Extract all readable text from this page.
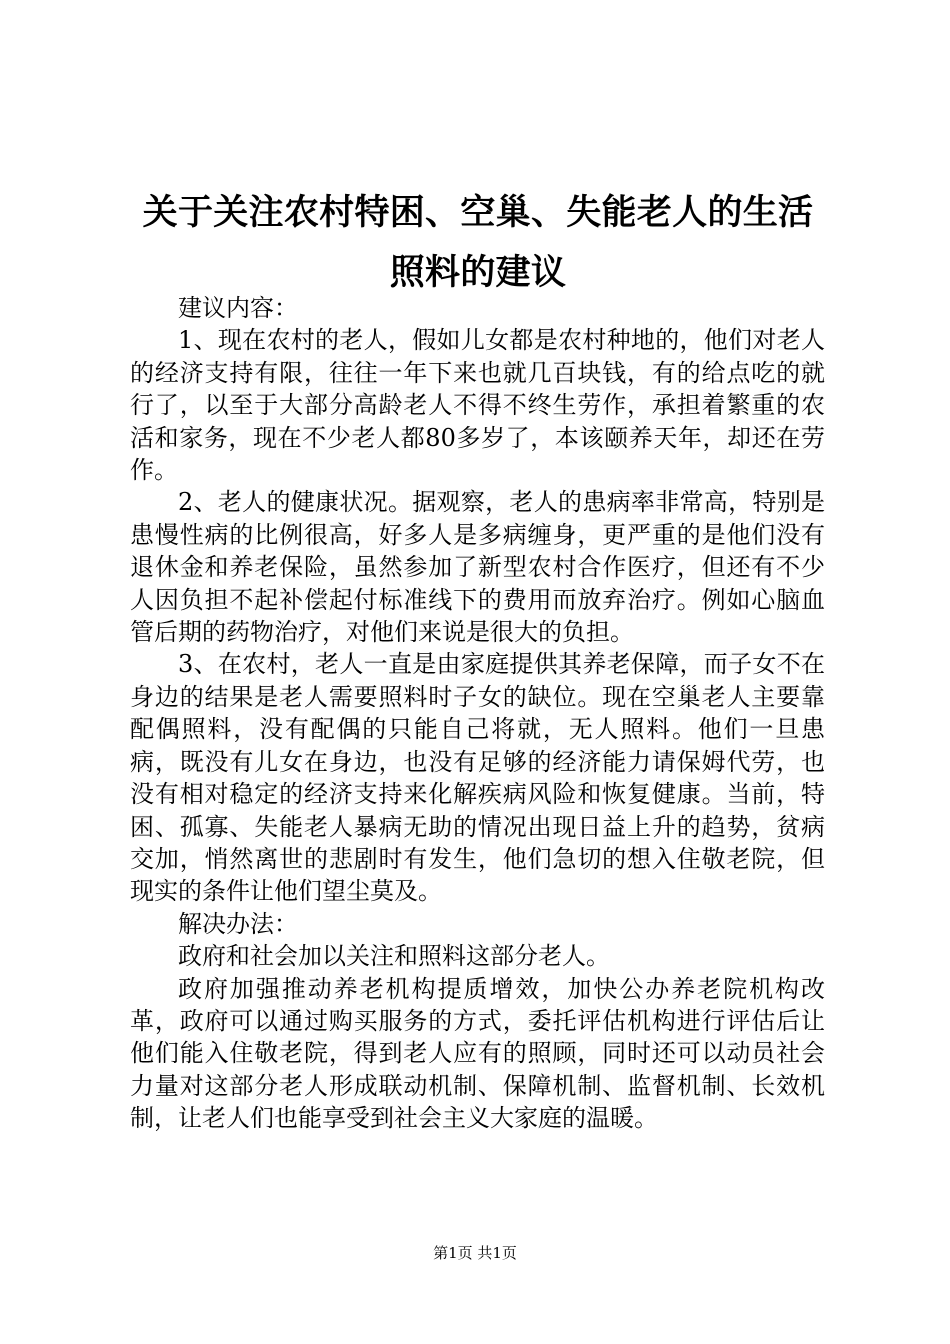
关于关注农村特困、空巢、失能老人的生活照料的建议

建议内容：

1、现在农村的老人，假如儿女都是农村种地的，他们对老人的经济支持有限，往往一年下来也就几百块钱，有的给点吃的就行了，以至于大部分高龄老人不得不终生劳作，承担着繁重的农活和家务，现在不少老人都80多岁了，本该颐养天年，却还在劳作。

2、老人的健康状况。据观察，老人的患病率非常高，特别是患慢性病的比例很高，好多人是多病缠身，更严重的是他们没有退休金和养老保险，虽然参加了新型农村合作医疗，但还有不少人因负担不起补偿起付标准线下的费用而放弃治疗。例如心脑血管后期的药物治疗，对他们来说是很大的负担。

3、在农村，老人一直是由家庭提供其养老保障，而子女不在身边的结果是老人需要照料时子女的缺位。现在空巢老人主要靠配偶照料，没有配偶的只能自己将就，无人照料。他们一旦患病，既没有儿女在身边，也没有足够的经济能力请保姆代劳，也没有相对稳定的经济支持来化解疾病风险和恢复健康。当前，特困、孤寡、失能老人暴病无助的情况出现日益上升的趋势，贫病交加，悄然离世的悲剧时有发生，他们急切的想入住敬老院，但现实的条件让他们望尘莫及。

解决办法：

政府和社会加以关注和照料这部分老人。

政府加强推动养老机构提质增效，加快公办养老院机构改革，政府可以通过购买服务的方式，委托评估机构进行评估后让他们能入住敬老院，得到老人应有的照顾，同时还可以动员社会力量对这部分老人形成联动机制、保障机制、监督机制、长效机制，让老人们也能享受到社会主义大家庭的温暖。

第1页 共1页
